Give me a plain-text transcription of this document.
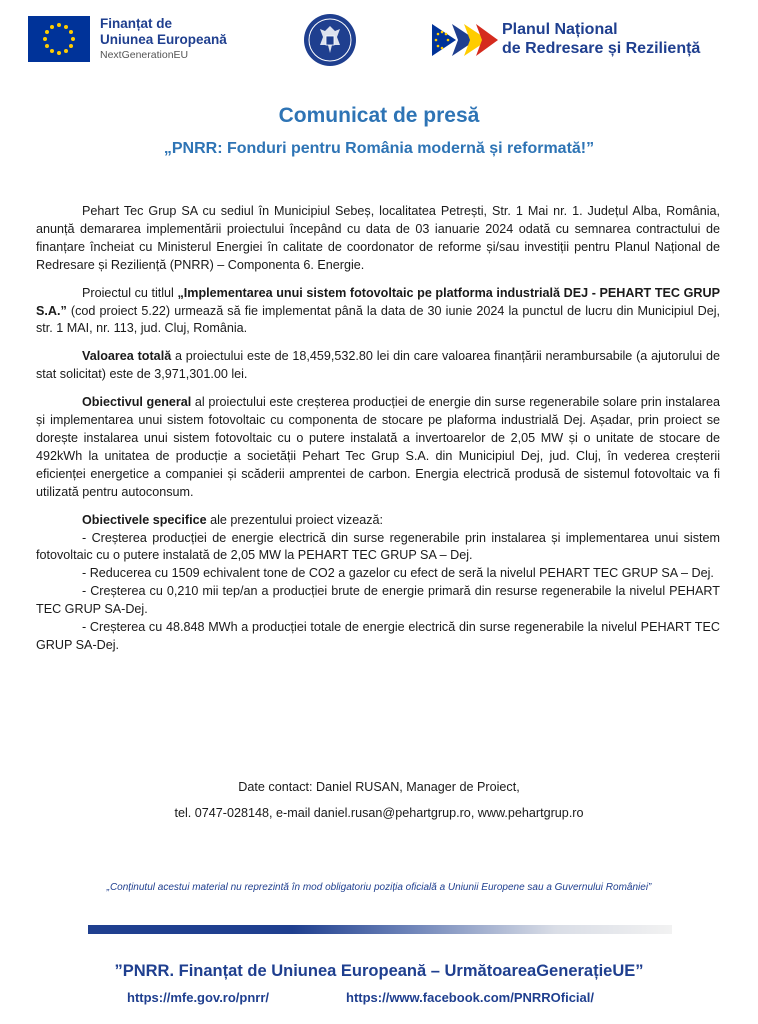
Finanțat de
Uniunea Europeană
NextGenerationEU
Planul Național
de Redresare și Reziliență
Comunicat de presă
„PNRR: Fonduri pentru România modernă și reformată!”

Pehart Tec Grup SA cu sediul în Municipiul Sebeș, localitatea Petrești, Str. 1 Mai nr. 1. Județul Alba, România, anunță demararea implementării proiectului începând cu data de 03 ianuarie 2024 odată cu semnarea contractului de finanțare încheiat cu Ministerul Energiei în calitate de coordonator de reforme și/sau investiții pentru Planul Național de Redresare și Reziliență (PNRR) – Componenta 6. Energie.

Proiectul cu titlul „Implementarea unui sistem fotovoltaic pe platforma industrială DEJ - PEHART TEC GRUP S.A.” (cod proiect 5.22) urmează să fie implementat până la data de 30 iunie 2024 la punctul de lucru din Municipiul Dej, str. 1 MAI, nr. 113, jud. Cluj, România.

Valoarea totală a proiectului este de 18,459,532.80 lei din care valoarea finanțării nerambursabile (a ajutorului de stat solicitat) este de 3,971,301.00 lei.

Obiectivul general al proiectului este creșterea producției de energie din surse regenerabile solare prin instalarea și implementarea unui sistem fotovoltaic cu componenta de stocare pe plaforma industrială Dej. Așadar, prin proiect se dorește instalarea unui sistem fotovoltaic cu o putere instalată a invertoarelor de 2,05 MW și o unitate de stocare de 492kWh la unitatea de producție a societății Pehart Tec Grup S.A. din Municipiul Dej, jud. Cluj, în vederea creșterii eficienței energetice a companiei și scăderii amprentei de carbon. Energia electrică produsă de sistemul fotovoltaic va fi utilizată pentru autoconsum.

Obiectivele specifice ale prezentului proiect vizează:

- Creșterea producției de energie electrică din surse regenerabile prin instalarea și implementarea unui sistem fotovoltaic cu o putere instalată de 2,05 MW la PEHART TEC GRUP SA – Dej.
- Reducerea cu 1509 echivalent tone de CO2 a gazelor cu efect de seră la nivelul PEHART TEC GRUP SA – Dej.
- Creșterea cu 0,210 mii tep/an a producției brute de energie primară din resurse regenerabile la nivelul PEHART TEC GRUP SA-Dej.
- Creșterea cu 48.848 MWh a producției totale de energie electrică din surse regenerabile la nivelul PEHART TEC GRUP SA-Dej.
Date contact: Daniel RUSAN, Manager de Proiect,
tel. 0747-028148, e-mail daniel.rusan@pehartgrup.ro, www.pehartgrup.ro
„Conținutul acestui material nu reprezintă în mod obligatoriu poziția oficială a Uniunii Europene sau a Guvernului României”
”PNRR. Finanțat de Uniunea Europeană – UrmătoareaGenerațieUE”
https://mfe.gov.ro/pnrr/	https://www.facebook.com/PNRROficial/
